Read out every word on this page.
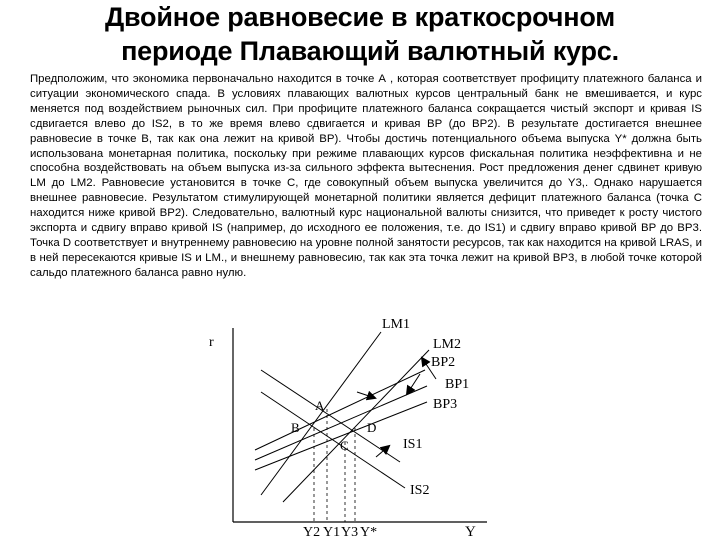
Двойное равновесие в краткосрочном
периоде Плавающий валютный курс.
Предположим, что экономика первоначально находится в точке А , которая соответствует профициту платежного баланса и ситуации экономического спада. В условиях плавающих валютных курсов центральный банк не вмешивается, и курс меняется под воздействием рыночных сил. При профиците платежного баланса сокращается чистый экспорт и кривая IS сдвигается влево до IS2, в то же время влево сдвигается и кривая BP (до BP2). В результате достигается внешнее равновесие в точке В, так как она лежит на кривой BP). Чтобы достичь потенциального объема выпуска Y* должна быть использована монетарная политика, поскольку при режиме плавающих курсов фискальная политика неэффективна и не способна воздействовать на объем выпуска из-за сильного эффекта вытеснения. Рост предложения денег сдвинет кривую LM до LM2. Равновесие установится в точке С, где совокупный объем выпуска увеличится до Y3,. Однако нарушается внешнее равновесие. Результатом стимулирующей монетарной политики является дефицит платежного баланса (точка С находится ниже кривой BP2). Следовательно, валютный курс национальной валюты снизится, что приведет к росту чистого экспорта и сдвигу вправо кривой IS (например, до исходного ее положения, т.е. до IS1) и сдвигу вправо кривой BP до BP3. Точка D соответствует и внутреннему равновесию на уровне полной занятости ресурсов, так как находится на кривой LRAS, и в ней пересекаются кривые IS и LM., и внешнему равновесию, так как эта точка лежит на кривой BP3, в любой точке которой сальдо платежного баланса равно нулю.
r
Y
Y2 Y1 Y3 Y*
LM1
LM2
BP2
BP1
BP3
IS1
IS2
A
B
C
D
